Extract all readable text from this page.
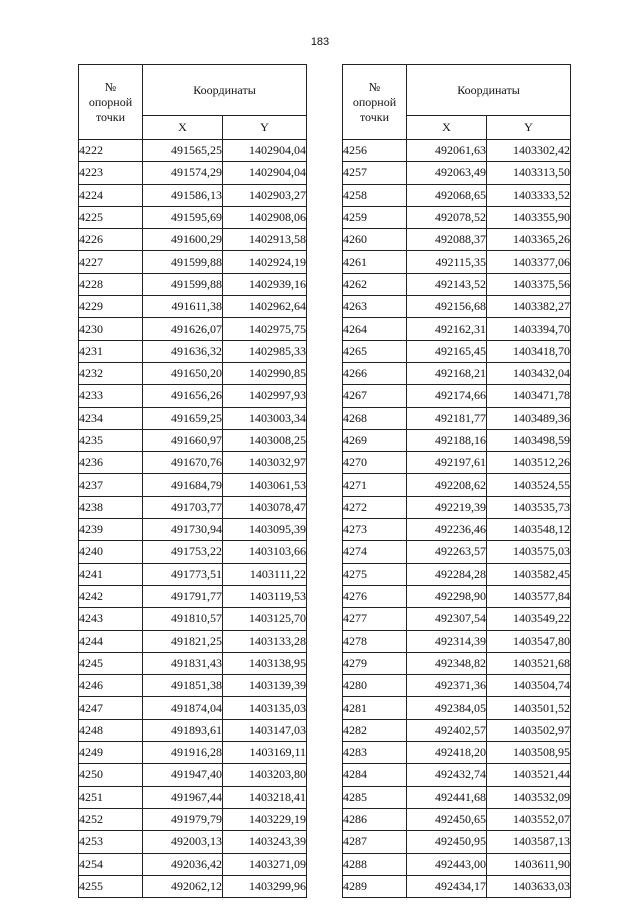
183
№
опорной
точки	Координаты	
	X	Y
4222	491565,25	1402904,04
4223	491574,29	1402904,04
4224	491586,13	1402903,27
4225	491595,69	1402908,06
4226	491600,29	1402913,58
4227	491599,88	1402924,19
4228	491599,88	1402939,16
4229	491611,38	1402962,64
4230	491626,07	1402975,75
4231	491636,32	1402985,33
4232	491650,20	1402990,85
4233	491656,26	1402997,93
4234	491659,25	1403003,34
4235	491660,97	1403008,25
4236	491670,76	1403032,97
4237	491684,79	1403061,53
4238	491703,77	1403078,47
4239	491730,94	1403095,39
4240	491753,22	1403103,66
4241	491773,51	1403111,22
4242	491791,77	1403119,53
4243	491810,57	1403125,70
4244	491821,25	1403133,28
4245	491831,43	1403138,95
4246	491851,38	1403139,39
4247	491874,04	1403135,03
4248	491893,61	1403147,03
4249	491916,28	1403169,11
4250	491947,40	1403203,80
4251	491967,44	1403218,41
4252	491979,79	1403229,19
4253	492003,13	1403243,39
4254	492036,42	1403271,09
4255	492062,12	1403299,96
№
опорной
точки	Координаты	
	X	Y
4256	492061,63	1403302,42
4257	492063,49	1403313,50
4258	492068,65	1403333,52
4259	492078,52	1403355,90
4260	492088,37	1403365,26
4261	492115,35	1403377,06
4262	492143,52	1403375,56
4263	492156,68	1403382,27
4264	492162,31	1403394,70
4265	492165,45	1403418,70
4266	492168,21	1403432,04
4267	492174,66	1403471,78
4268	492181,77	1403489,36
4269	492188,16	1403498,59
4270	492197,61	1403512,26
4271	492208,62	1403524,55
4272	492219,39	1403535,73
4273	492236,46	1403548,12
4274	492263,57	1403575,03
4275	492284,28	1403582,45
4276	492298,90	1403577,84
4277	492307,54	1403549,22
4278	492314,39	1403547,80
4279	492348,82	1403521,68
4280	492371,36	1403504,74
4281	492384,05	1403501,52
4282	492402,57	1403502,97
4283	492418,20	1403508,95
4284	492432,74	1403521,44
4285	492441,68	1403532,09
4286	492450,65	1403552,07
4287	492450,95	1403587,13
4288	492443,00	1403611,90
4289	492434,17	1403633,03
